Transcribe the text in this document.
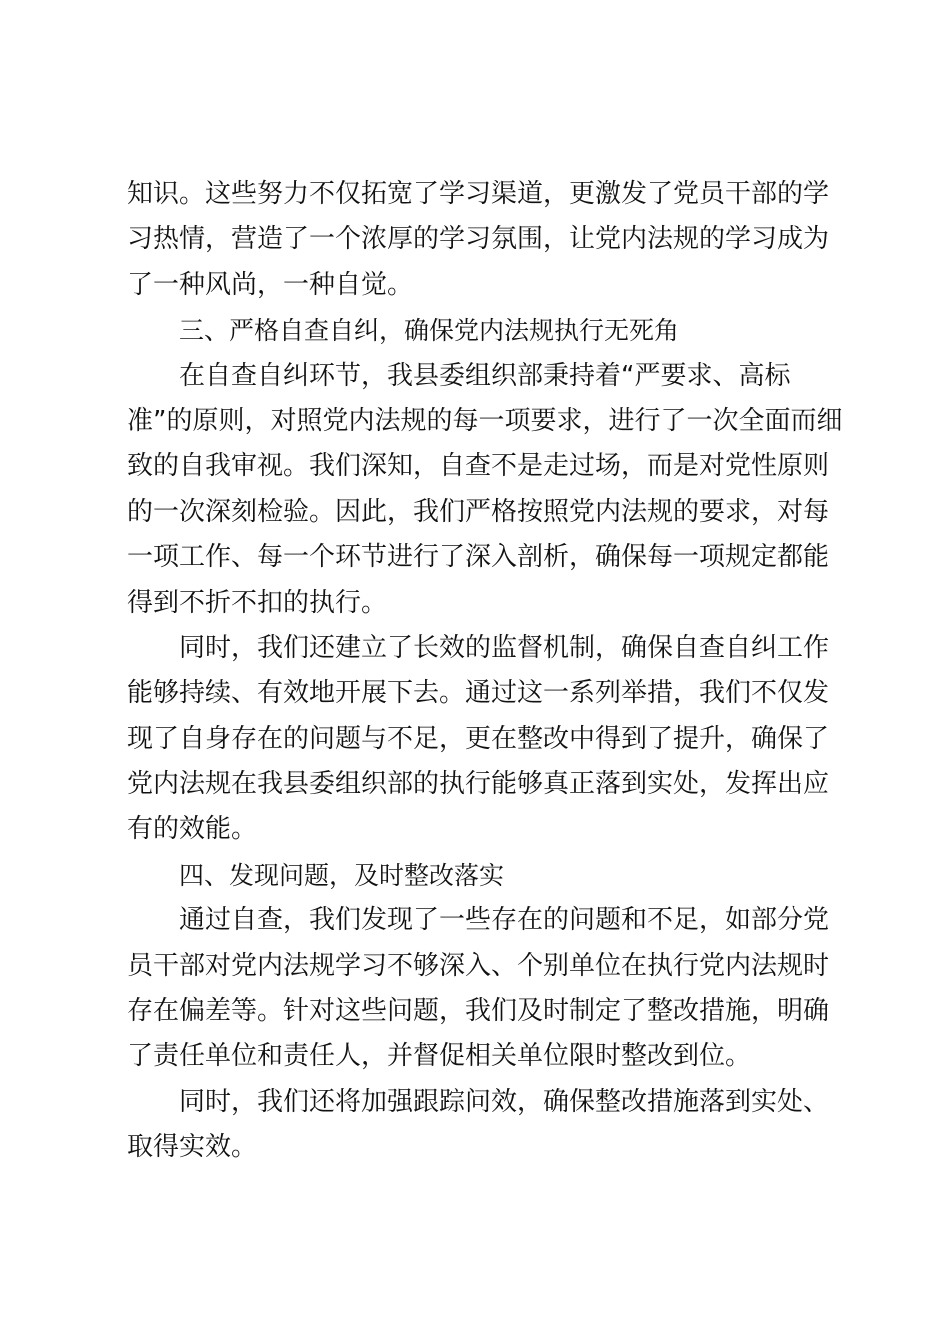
知识。这些努力不仅拓宽了学习渠道，更激发了党员干部的学
习热情，营造了一个浓厚的学习氛围，让党内法规的学习成为
了一种风尚，一种自觉。
三、严格自查自纠，确保党内法规执行无死角
在自查自纠环节，我县委组织部秉持着“严要求、高标
准”的原则，对照党内法规的每一项要求，进行了一次全面而细
致的自我审视。我们深知，自查不是走过场，而是对党性原则
的一次深刻检验。因此，我们严格按照党内法规的要求，对每
一项工作、每一个环节进行了深入剖析，确保每一项规定都能
得到不折不扣的执行。
同时，我们还建立了长效的监督机制，确保自查自纠工作
能够持续、有效地开展下去。通过这一系列举措，我们不仅发
现了自身存在的问题与不足，更在整改中得到了提升，确保了
党内法规在我县委组织部的执行能够真正落到实处，发挥出应
有的效能。
四、发现问题，及时整改落实
通过自查，我们发现了一些存在的问题和不足，如部分党
员干部对党内法规学习不够深入、个别单位在执行党内法规时
存在偏差等。针对这些问题，我们及时制定了整改措施，明确
了责任单位和责任人，并督促相关单位限时整改到位。
同时，我们还将加强跟踪问效，确保整改措施落到实处、
取得实效。
